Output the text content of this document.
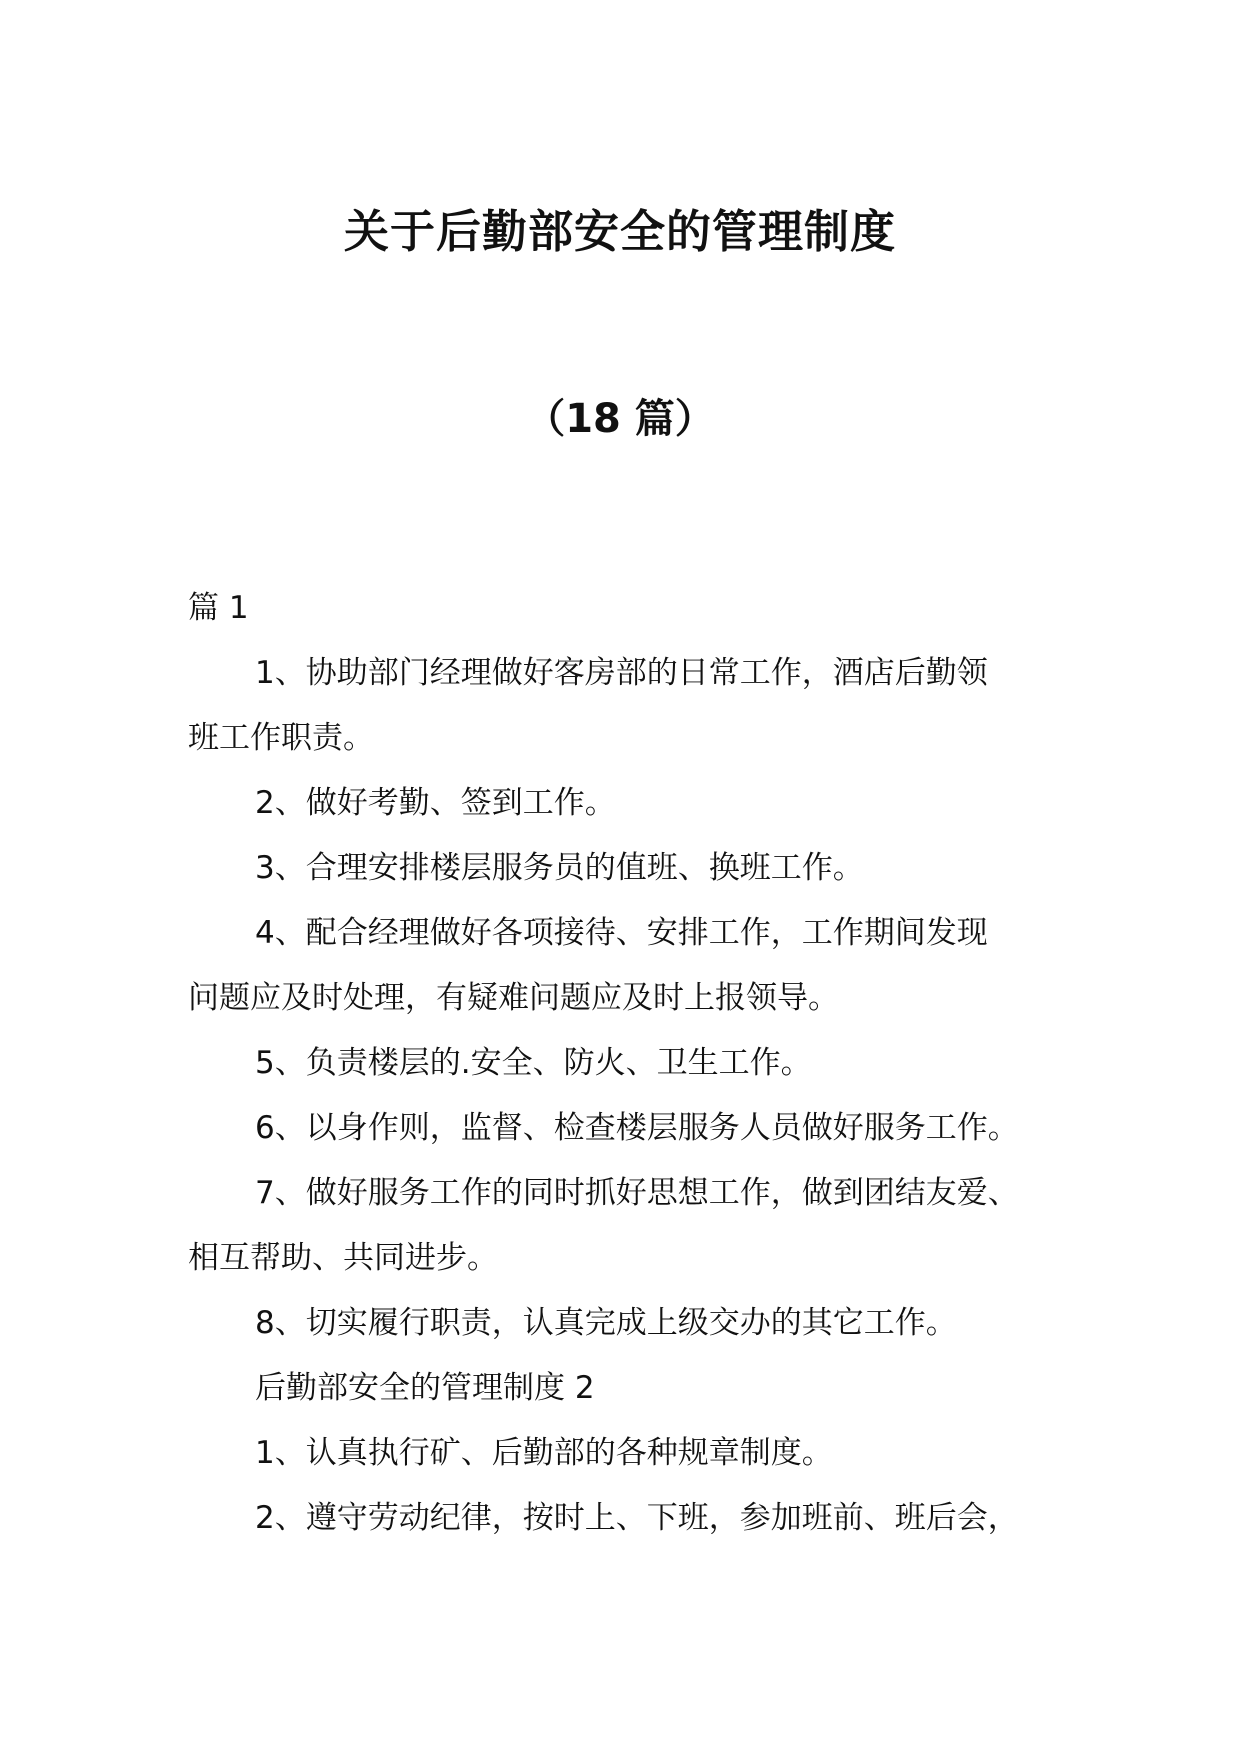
关于后勤部安全的管理制度
（18 篇）

篇 1

1、协助部门经理做好客房部的日常工作，酒店后勤领

班工作职责。

2、做好考勤、签到工作。

3、合理安排楼层服务员的值班、换班工作。

4、配合经理做好各项接待、安排工作，工作期间发现

问题应及时处理，有疑难问题应及时上报领导。

5、负责楼层的.安全、防火、卫生工作。

6、以身作则，监督、检查楼层服务人员做好服务工作。

7、做好服务工作的同时抓好思想工作，做到团结友爱、

相互帮助、共同进步。

8、切实履行职责，认真完成上级交办的其它工作。

后勤部安全的管理制度 2

1、认真执行矿、后勤部的各种规章制度。

2、遵守劳动纪律，按时上、下班，参加班前、班后会，
